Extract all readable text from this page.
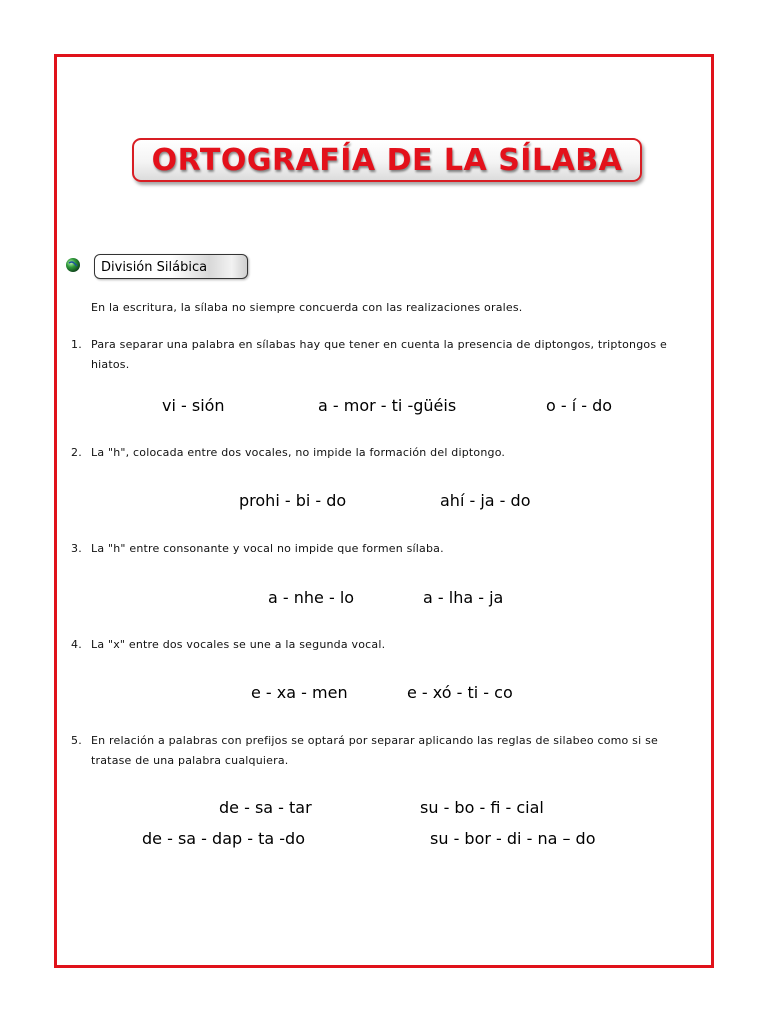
ORTOGRAFÍA DE LA SÍLABA
División Silábica
En la escritura, la sílaba no siempre concuerda con las realizaciones orales.
1. Para separar una palabra en sílabas hay que tener en cuenta la presencia de diptongos, triptongos e hiatos.
vi - sión	a - mor - ti -güéis	o - í - do
2. La "h", colocada entre dos vocales, no impide la formación del diptongo.
prohi - bi - do	ahí - ja - do
3. La "h" entre consonante y vocal no impide que formen sílaba.
a - nhe - lo	a - lha - ja
4. La "x" entre dos vocales se une a la segunda vocal.
e - xa - men	e - xó - ti - co
5. En relación a palabras con prefijos se optará por separar aplicando las reglas de silabeo como si se tratase de una palabra cualquiera.
de - sa - tar	su - bo - fi - cial
de - sa - dap - ta -do	su - bor - di - na – do
